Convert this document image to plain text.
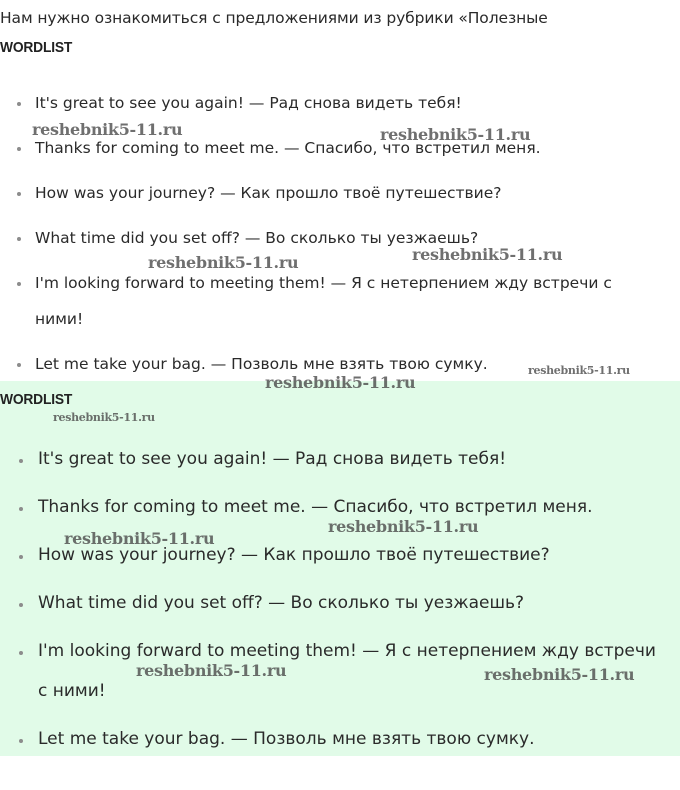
Нам нужно ознакомиться с предложениями из рубрики «Полезные
WORDLIST
It's great to see you again! — Рад снова видеть тебя!
Thanks for coming to meet me. — Спасибо, что встретил меня.
How was your journey? — Как прошло твоё путешествие?
What time did you set off? — Во сколько ты уезжаешь?
I'm looking forward to meeting them! — Я с нетерпением жду встречи с
ними!
Let me take your bag. — Позволь мне взять твою сумку.
WORDLIST
It's great to see you again! — Рад снова видеть тебя!
Thanks for coming to meet me. — Спасибо, что встретил меня.
How was your journey? — Как прошло твоё путешествие?
What time did you set off? — Во сколько ты уезжаешь?
I'm looking forward to meeting them! — Я с нетерпением жду встречи
с ними!
Let me take your bag. — Позволь мне взять твою сумку.
reshebnik5-11.ru	reshebnik5-11.ru
reshebnik5-11.ru
reshebnik5-11.ru
reshebnik5-11.ru
reshebnik5-11.ru
reshebnik5-11.ru
reshebnik5-11.ru
reshebnik5-11.ru
reshebnik5-11.ru	reshebnik5-11.ru
